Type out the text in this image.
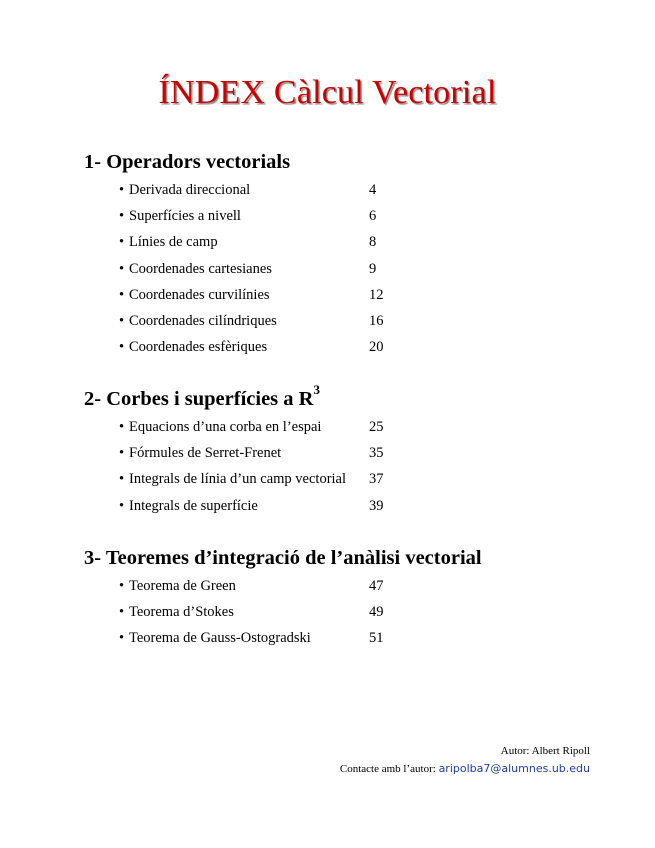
ÍNDEX Càlcul Vectorial
1- Operadors vectorials
• Derivada direccional	4
• Superfícies a nivell	6
• Línies de camp	8
• Coordenades cartesianes	9
• Coordenades curvilínies	12
• Coordenades cilíndriques	16
• Coordenades esfèriques	20
2- Corbes i superfícies a $R^3$
• Equacions d’una corba en l’espai	25
• Fórmules de Serret-Frenet	35
• Integrals de línia d’un camp vectorial 37
• Integrals de superfície	39
3- Teoremes d’integració de l’anàlisi vectorial
• Teorema de Green	47
• Teorema d’Stokes	49
• Teorema de Gauss-Ostogradski	51
Autor: Albert Ripoll
Contacte amb l’autor: aripolba7@alumnes.ub.edu
